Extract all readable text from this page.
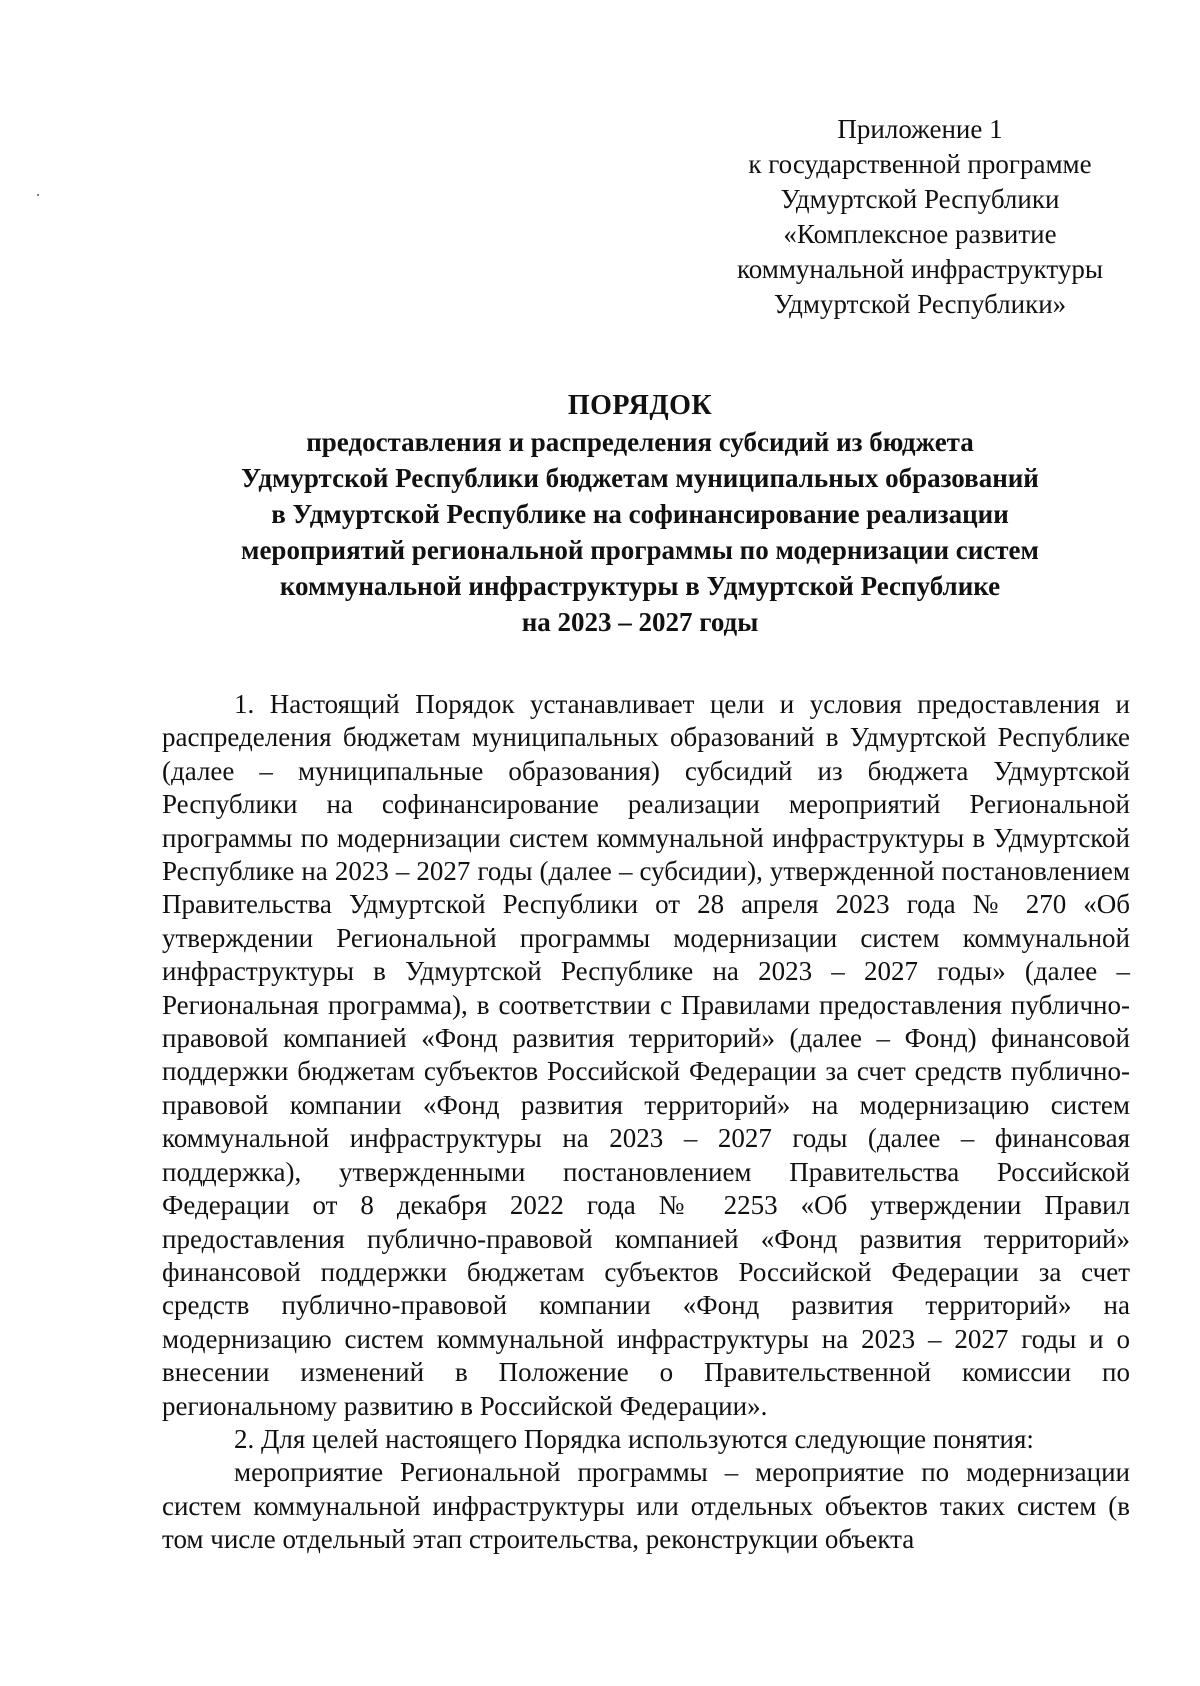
Приложение 1
к государственной программе
Удмуртской Республики
«Комплексное развитие
коммунальной инфраструктуры
Удмуртской Республики»
ПОРЯДОК
предоставления и распределения субсидий из бюджета
Удмуртской Республики бюджетам муниципальных образований
в Удмуртской Республике на софинансирование реализации
мероприятий региональной программы по модернизации систем
коммунальной инфраструктуры в Удмуртской Республике
на 2023 – 2027 годы

1. Настоящий Порядок устанавливает цели и условия предоставления и распределения бюджетам муниципальных образований в Удмуртской Республике (далее – муниципальные образования) субсидий из бюджета Удмуртской Республики на софинансирование реализации мероприятий Региональной программы по модернизации систем коммунальной инфраструктуры в Удмуртской Республике на 2023 – 2027 годы (далее – субсидии), утвержденной постановлением Правительства Удмуртской Республики от 28 апреля 2023 года № 270 «Об утверждении Региональной программы модернизации систем коммунальной инфраструктуры в Удмуртской Республике на 2023 – 2027 годы» (далее – Региональная программа), в соответствии с Правилами предоставления публично-правовой компанией «Фонд развития территорий» (далее – Фонд) финансовой поддержки бюджетам субъектов Российской Федерации за счет средств публично-правовой компании «Фонд развития территорий» на модернизацию систем коммунальной инфраструктуры на 2023 – 2027 годы (далее – финансовая поддержка), утвержденными постановлением Правительства Российской Федерации от 8 декабря 2022 года № 2253 «Об утверждении Правил предоставления публично-правовой компанией «Фонд развития территорий» финансовой поддержки бюджетам субъектов Российской Федерации за счет средств публично-правовой компании «Фонд развития территорий» на модернизацию систем коммунальной инфраструктуры на 2023 – 2027 годы и о внесении изменений в Положение о Правительственной комиссии по региональному развитию в Российской Федерации».

2. Для целей настоящего Порядка используются следующие понятия:

мероприятие Региональной программы – мероприятие по модернизации систем коммунальной инфраструктуры или отдельных объектов таких систем (в том числе отдельный этап строительства, реконструкции объекта
